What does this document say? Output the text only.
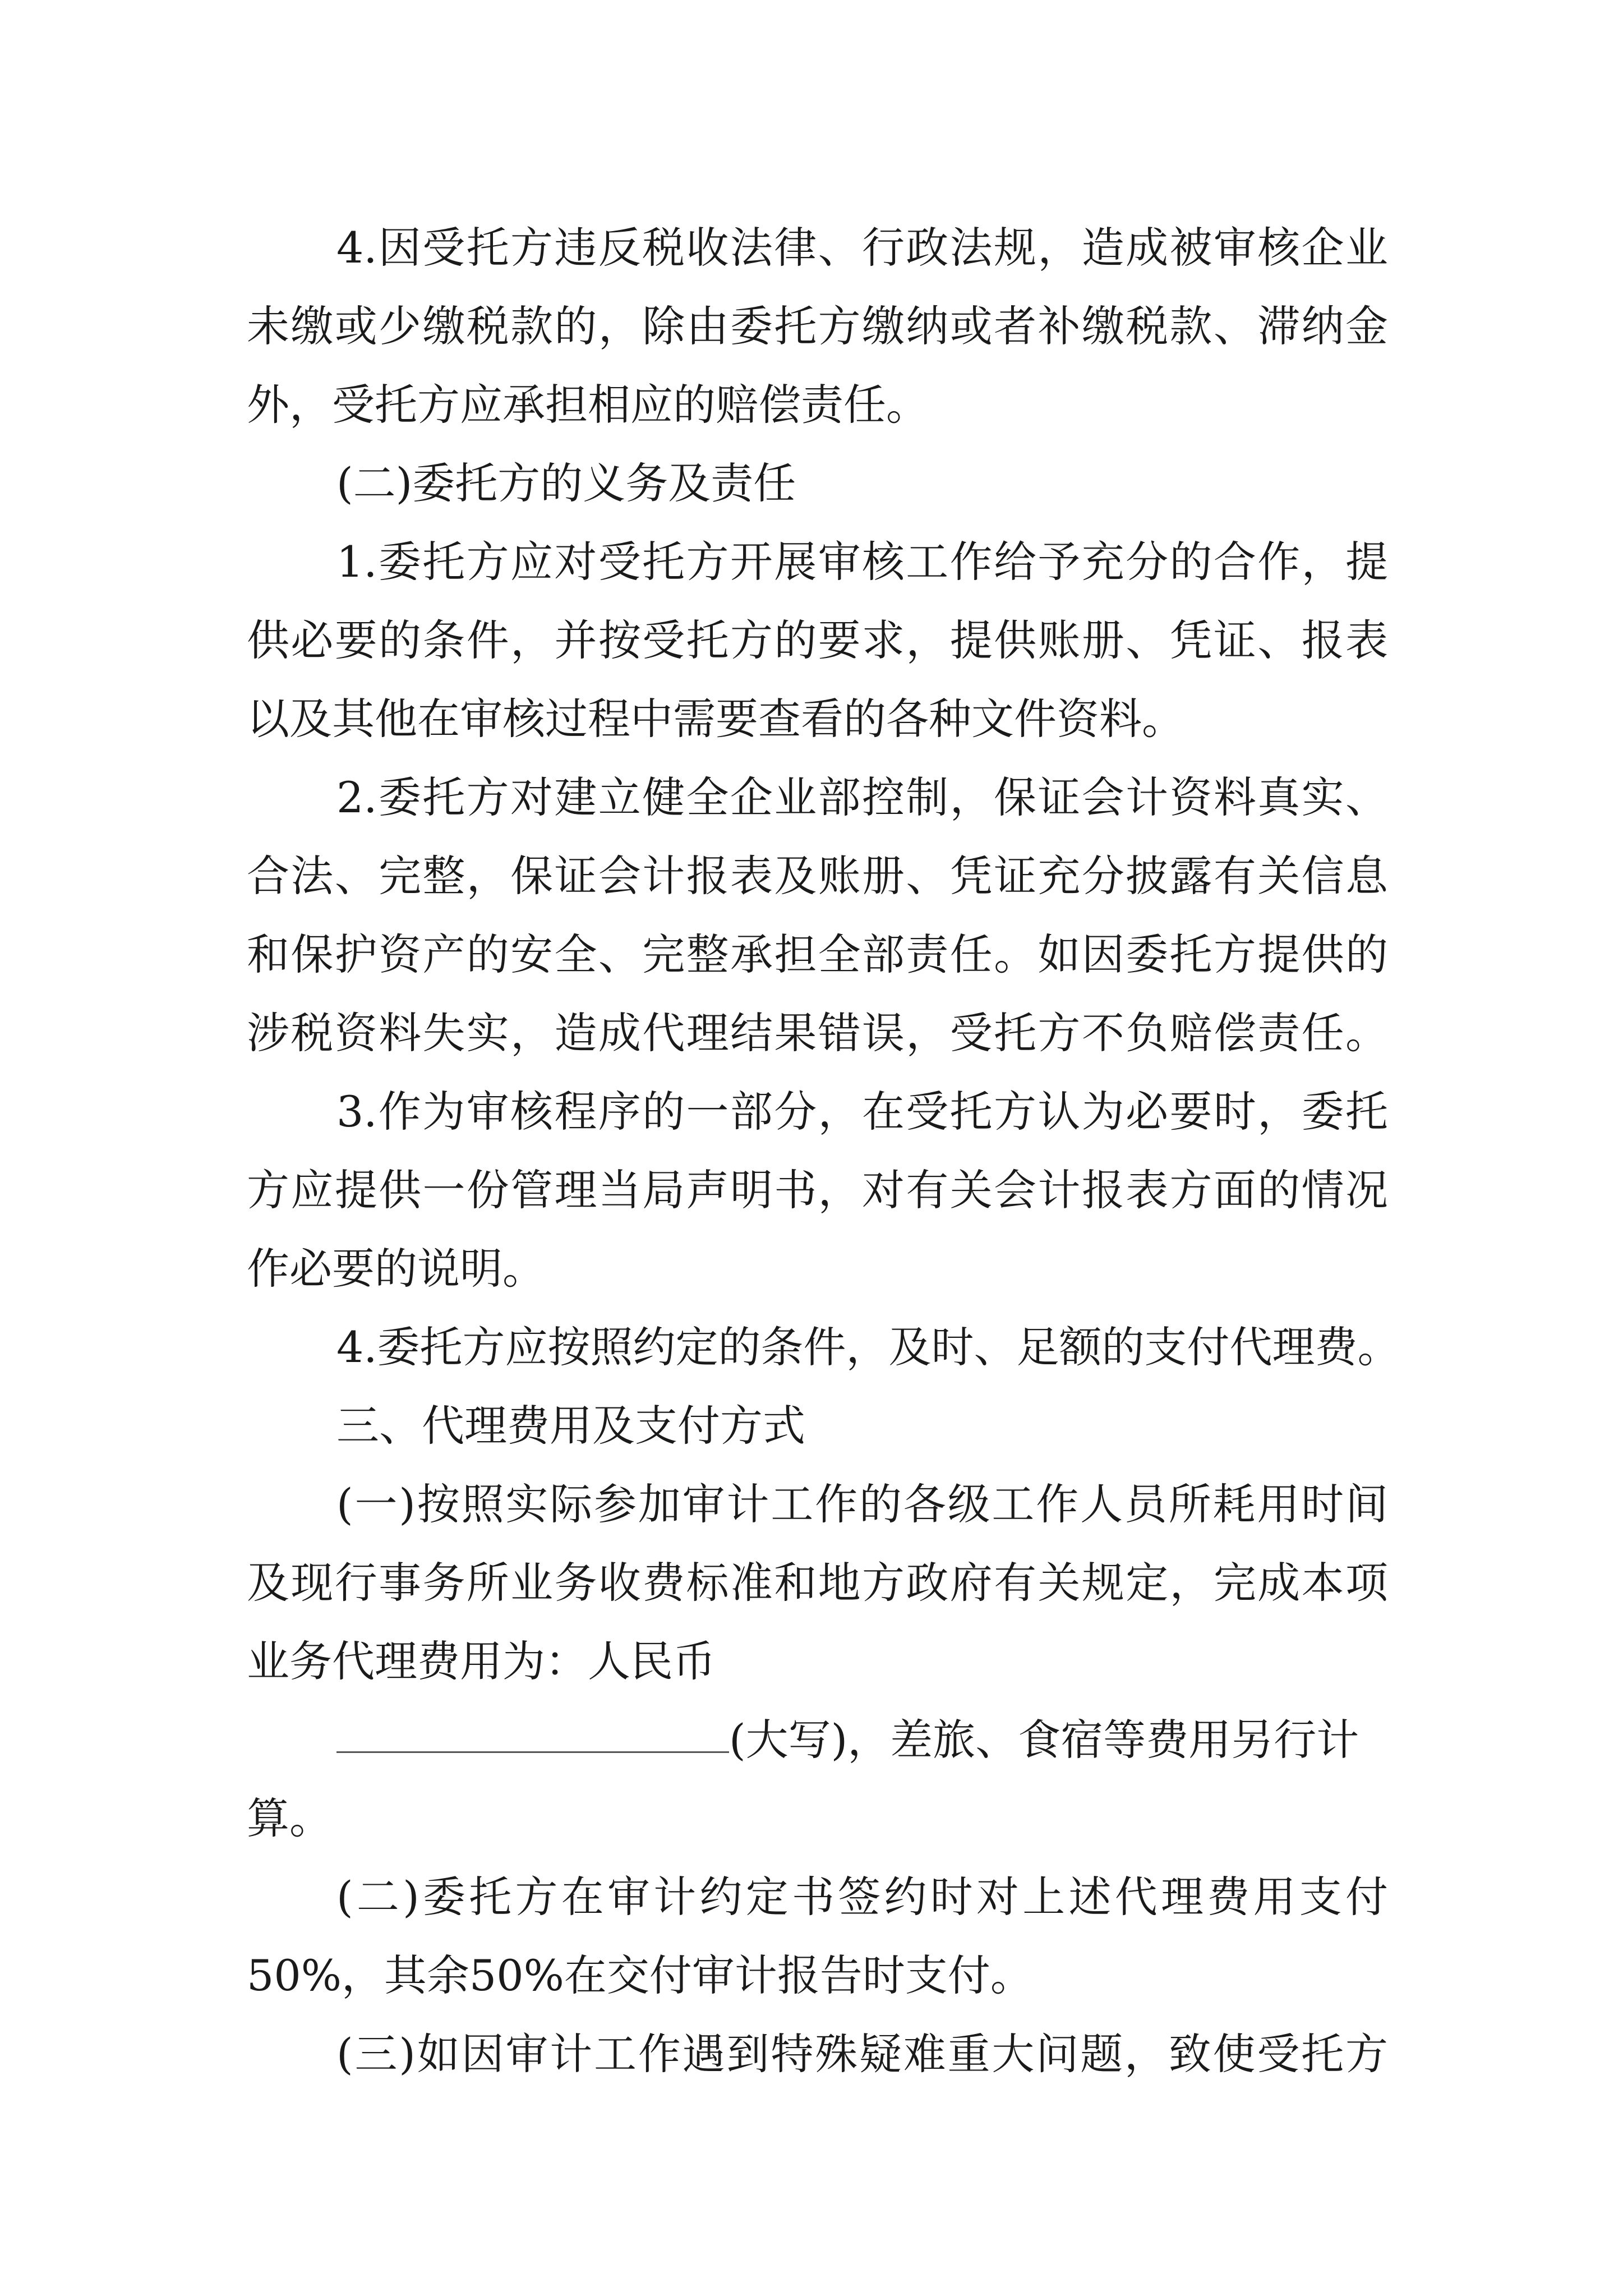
4.因受托方违反税收法律、行政法规，造成被审核企业
未缴或少缴税款的，除由委托方缴纳或者补缴税款、滞纳金
外，受托方应承担相应的赔偿责任。
(二)委托方的义务及责任
1.委托方应对受托方开展审核工作给予充分的合作，提
供必要的条件，并按受托方的要求，提供账册、凭证、报表
以及其他在审核过程中需要查看的各种文件资料。
2.委托方对建立健全企业部控制，保证会计资料真实、
合法、完整，保证会计报表及账册、凭证充分披露有关信息
和保护资产的安全、完整承担全部责任。如因委托方提供的
涉税资料失实，造成代理结果错误，受托方不负赔偿责任。
3.作为审核程序的一部分，在受托方认为必要时，委托
方应提供一份管理当局声明书，对有关会计报表方面的情况
作必要的说明。
4.委托方应按照约定的条件，及时、足额的支付代理费。
三、代理费用及支付方式
(一)按照实际参加审计工作的各级工作人员所耗用时间
及现行事务所业务收费标准和地方政府有关规定，完成本项
业务代理费用为：人民币
(大写)，差旅、食宿等费用另行计
算。
(二)委托方在审计约定书签约时对上述代理费用支付
50%，其余50%在交付审计报告时支付。
(三)如因审计工作遇到特殊疑难重大问题，致使受托方
